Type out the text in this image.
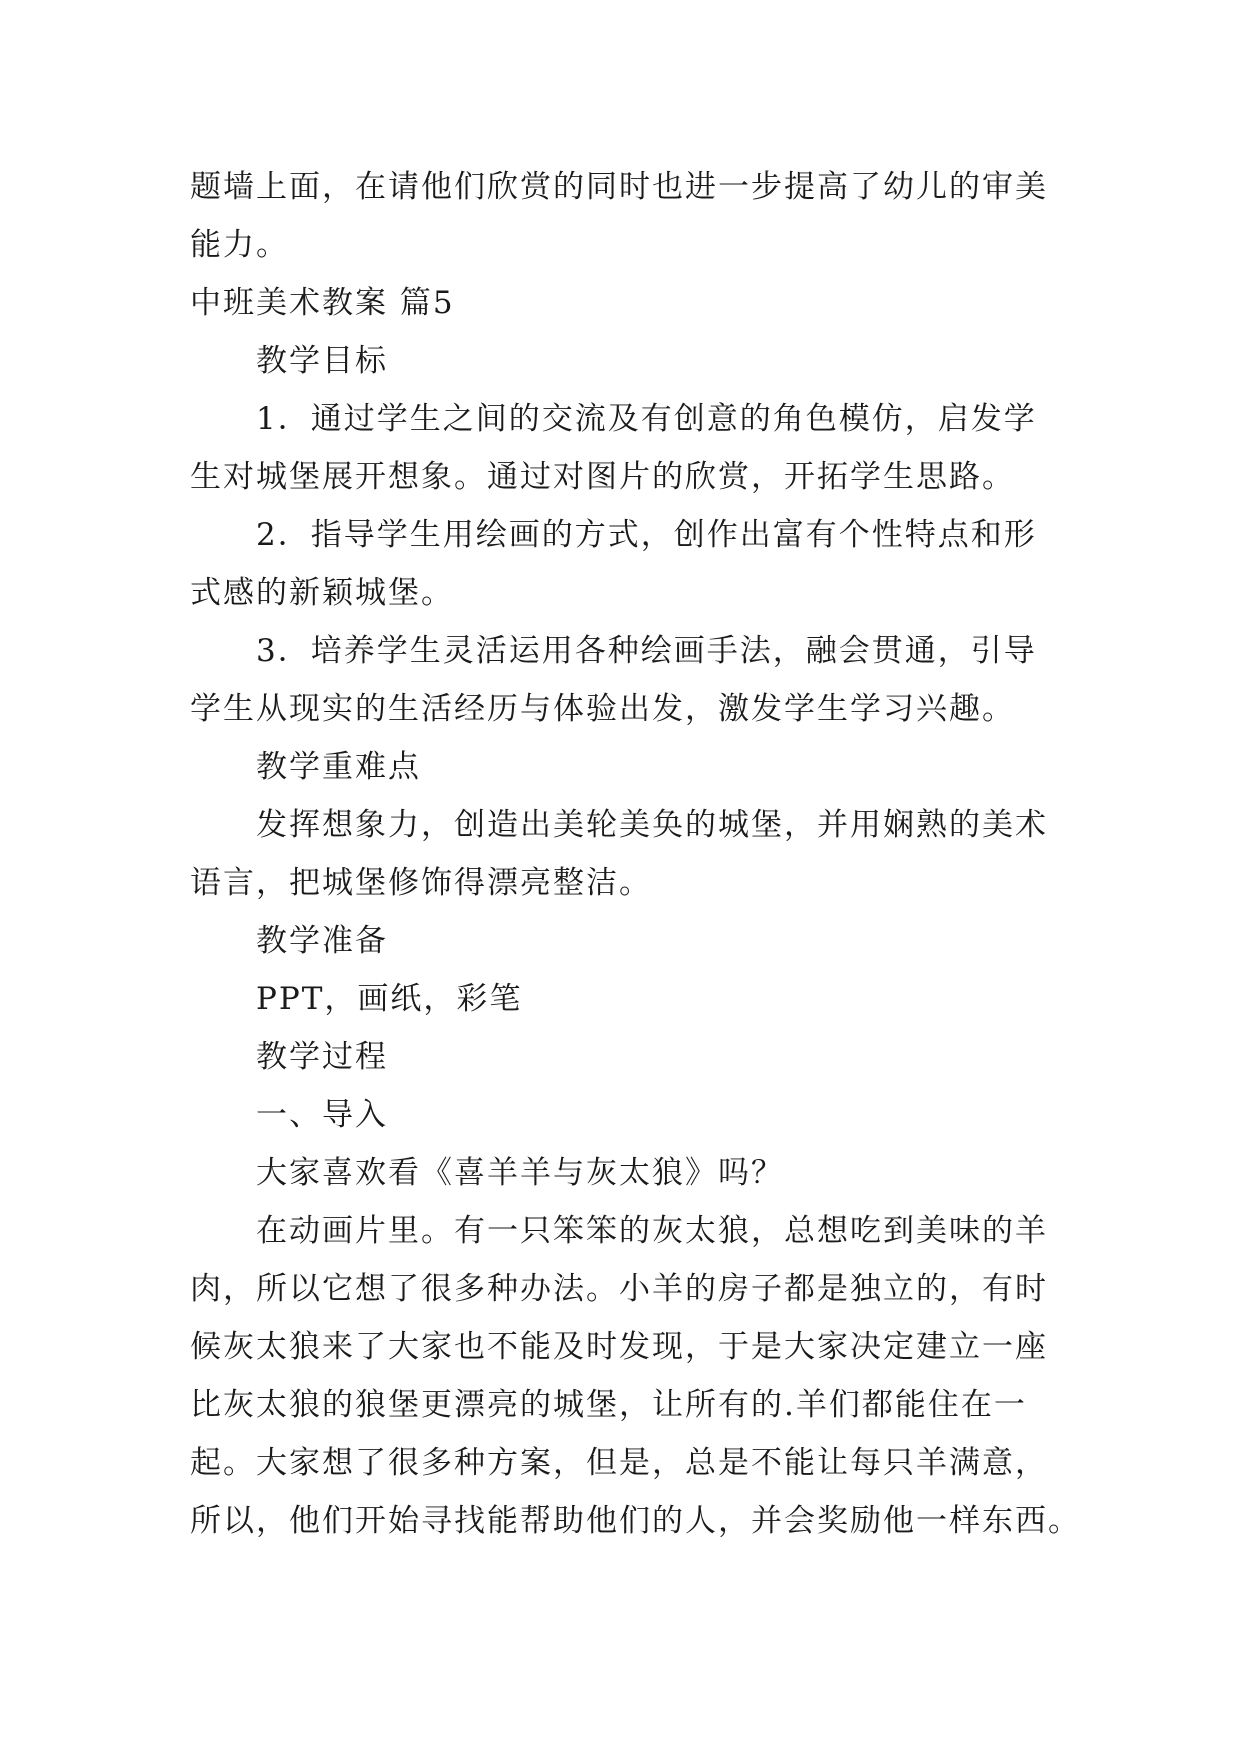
题墙上面，在请他们欣赏的同时也进一步提高了幼儿的审美

能力。

中班美术教案 篇5

教学目标

1．通过学生之间的交流及有创意的角色模仿，启发学

生对城堡展开想象。通过对图片的欣赏，开拓学生思路。

2．指导学生用绘画的方式，创作出富有个性特点和形

式感的新颖城堡。

3．培养学生灵活运用各种绘画手法，融会贯通，引导

学生从现实的生活经历与体验出发，激发学生学习兴趣。

教学重难点

发挥想象力，创造出美轮美奂的城堡，并用娴熟的美术

语言，把城堡修饰得漂亮整洁。

教学准备

PPT，画纸，彩笔

教学过程

一、导入

大家喜欢看《喜羊羊与灰太狼》吗？

在动画片里。有一只笨笨的灰太狼，总想吃到美味的羊

肉，所以它想了很多种办法。小羊的房子都是独立的，有时

候灰太狼来了大家也不能及时发现，于是大家决定建立一座

比灰太狼的狼堡更漂亮的城堡，让所有的.羊们都能住在一

起。大家想了很多种方案，但是，总是不能让每只羊满意，

所以，他们开始寻找能帮助他们的人，并会奖励他一样东西。
